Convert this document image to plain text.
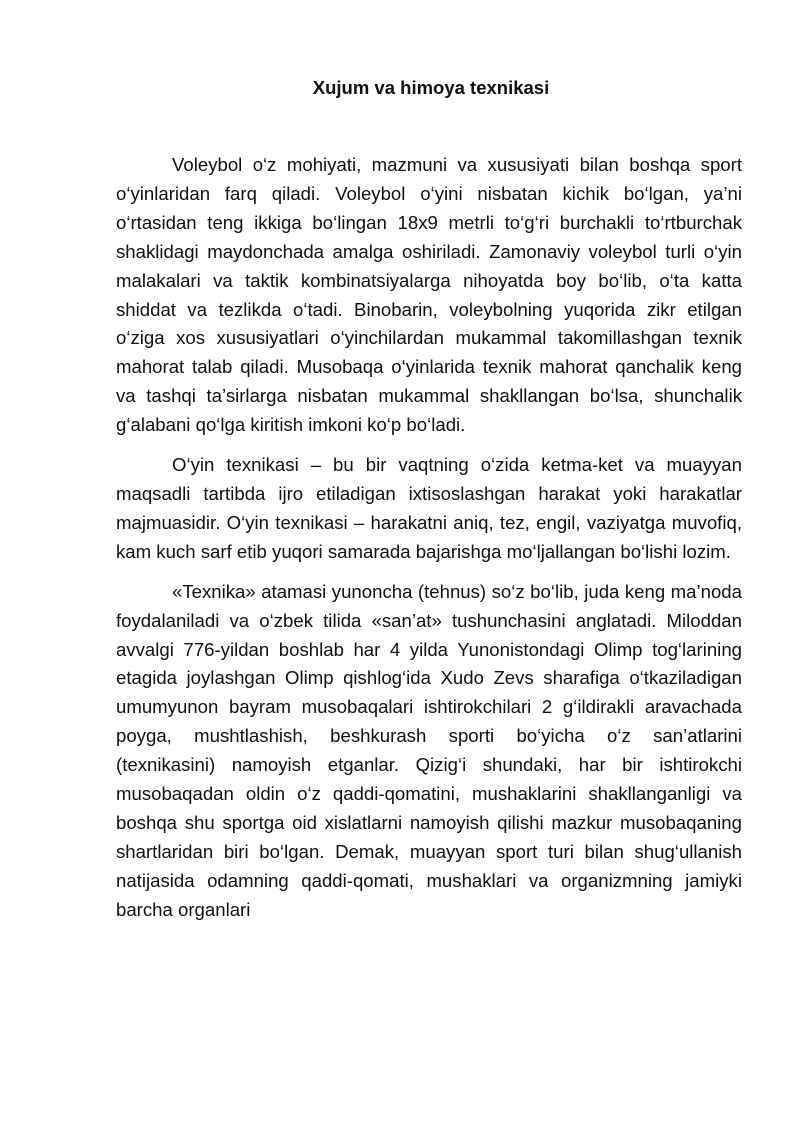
Xujum va himoya texnikasi

Voleybol o‘z mohiyati, mazmuni va xususiyati bilan boshqa sport o‘yinlaridan farq qiladi. Voleybol o‘yini nisbatan kichik bo‘lgan, ya’ni o‘rtasidan teng ikkiga bo‘lingan 18x9 metrli to‘g‘ri burchakli to‘rtburchak shaklidagi maydonchada amalga oshiriladi. Zamonaviy voleybol turli o‘yin malakalari va taktik kombinatsiyalarga nihoyatda boy bo‘lib, o‘ta katta shiddat va tezlikda o‘tadi. Binobarin, voleybolning yuqorida zikr etilgan o‘ziga xos xususiyatlari o‘yinchilardan mukammal takomillashgan texnik mahorat talab qiladi. Musobaqa o‘yinlarida texnik mahorat qanchalik keng va tashqi ta’sirlarga nisbatan mukammal shakllangan bo‘lsa, shunchalik g‘alabani qo‘lga kiritish imkoni ko‘p bo‘ladi.

O‘yin texnikasi – bu bir vaqtning o‘zida ketma-ket va muayyan maqsadli tartibda ijro etiladigan ixtisoslashgan harakat yoki harakatlar majmuasidir. O‘yin texnikasi – harakatni aniq, tez, engil, vaziyatga muvofiq, kam kuch sarf etib yuqori samarada bajarishga mo‘ljallangan bo‘lishi lozim.

«Texnika» atamasi yunoncha (tehnus) so‘z bo‘lib, juda keng ma’noda foydalaniladi va o‘zbek tilida «san’at» tushunchasini anglatadi. Miloddan avvalgi 776-yildan boshlab har 4 yilda Yunonistondagi Olimp tog‘larining etagida joylashgan Olimp qishlog‘ida Xudo Zevs sharafiga o‘tkaziladigan umumyunon bayram musobaqalari ishtirokchilari 2 g‘ildirakli aravachada poyga, mushtlashish, beshkurash sporti bo‘yicha o‘z san’atlarini (texnikasini) namoyish etganlar. Qizig‘i shundaki, har bir ishtirokchi musobaqadan oldin o‘z qaddi-qomatini, mushaklarini shakllanganligi va boshqa shu sportga oid xislatlarni namoyish qilishi mazkur musobaqaning shartlaridan biri bo‘lgan. Demak, muayyan sport turi bilan shug‘ullanish natijasida odamning qaddi-qomati, mushaklari va organizmning jamiyki barcha organlari
